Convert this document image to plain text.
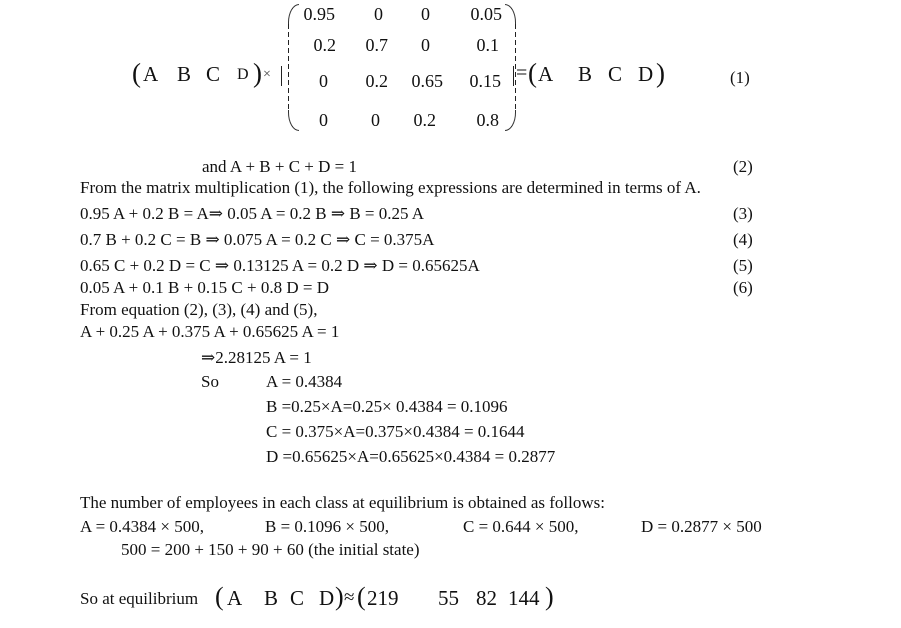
( A B C D ) ×
0.95	0	0	0.05
0.2	0.7	0	0.1
0	0.2	0.65	0.15
0	0	0.2	0.8
= ( A B C D )	(1)
and A + B + C + D = 1	(2)
From the matrix multiplication (1), the following expressions are determined in terms of A.
0.95 A + 0.2 B = A⇒ 0.05 A = 0.2 B ⇒ B = 0.25 A	(3)
0.7 B + 0.2 C = B ⇒ 0.075 A = 0.2 C ⇒ C = 0.375A	(4)
0.65 C + 0.2 D = C ⇒ 0.13125 A = 0.2 D ⇒ D = 0.65625A	(5)
0.05 A + 0.1 B + 0.15 C + 0.8 D = D	(6)
From equation (2), (3), (4) and (5),
A + 0.25 A + 0.375 A + 0.65625 A = 1
⇒2.28125 A = 1
So	A = 0.4384
B =0.25×A=0.25× 0.4384 = 0.1096
C = 0.375×A=0.375×0.4384 = 0.1644
D =0.65625×A=0.65625×0.4384 = 0.2877
The number of employees in each class at equilibrium is obtained as follows:
A = 0.4384 × 500,	B = 0.1096 × 500,	C = 0.644 × 500,	D = 0.2877 × 500
500 = 200 + 150 + 90 + 60 (the initial state)
So at equilibrium ( A B C D ) ≈ ( 219 55 82 144 )
